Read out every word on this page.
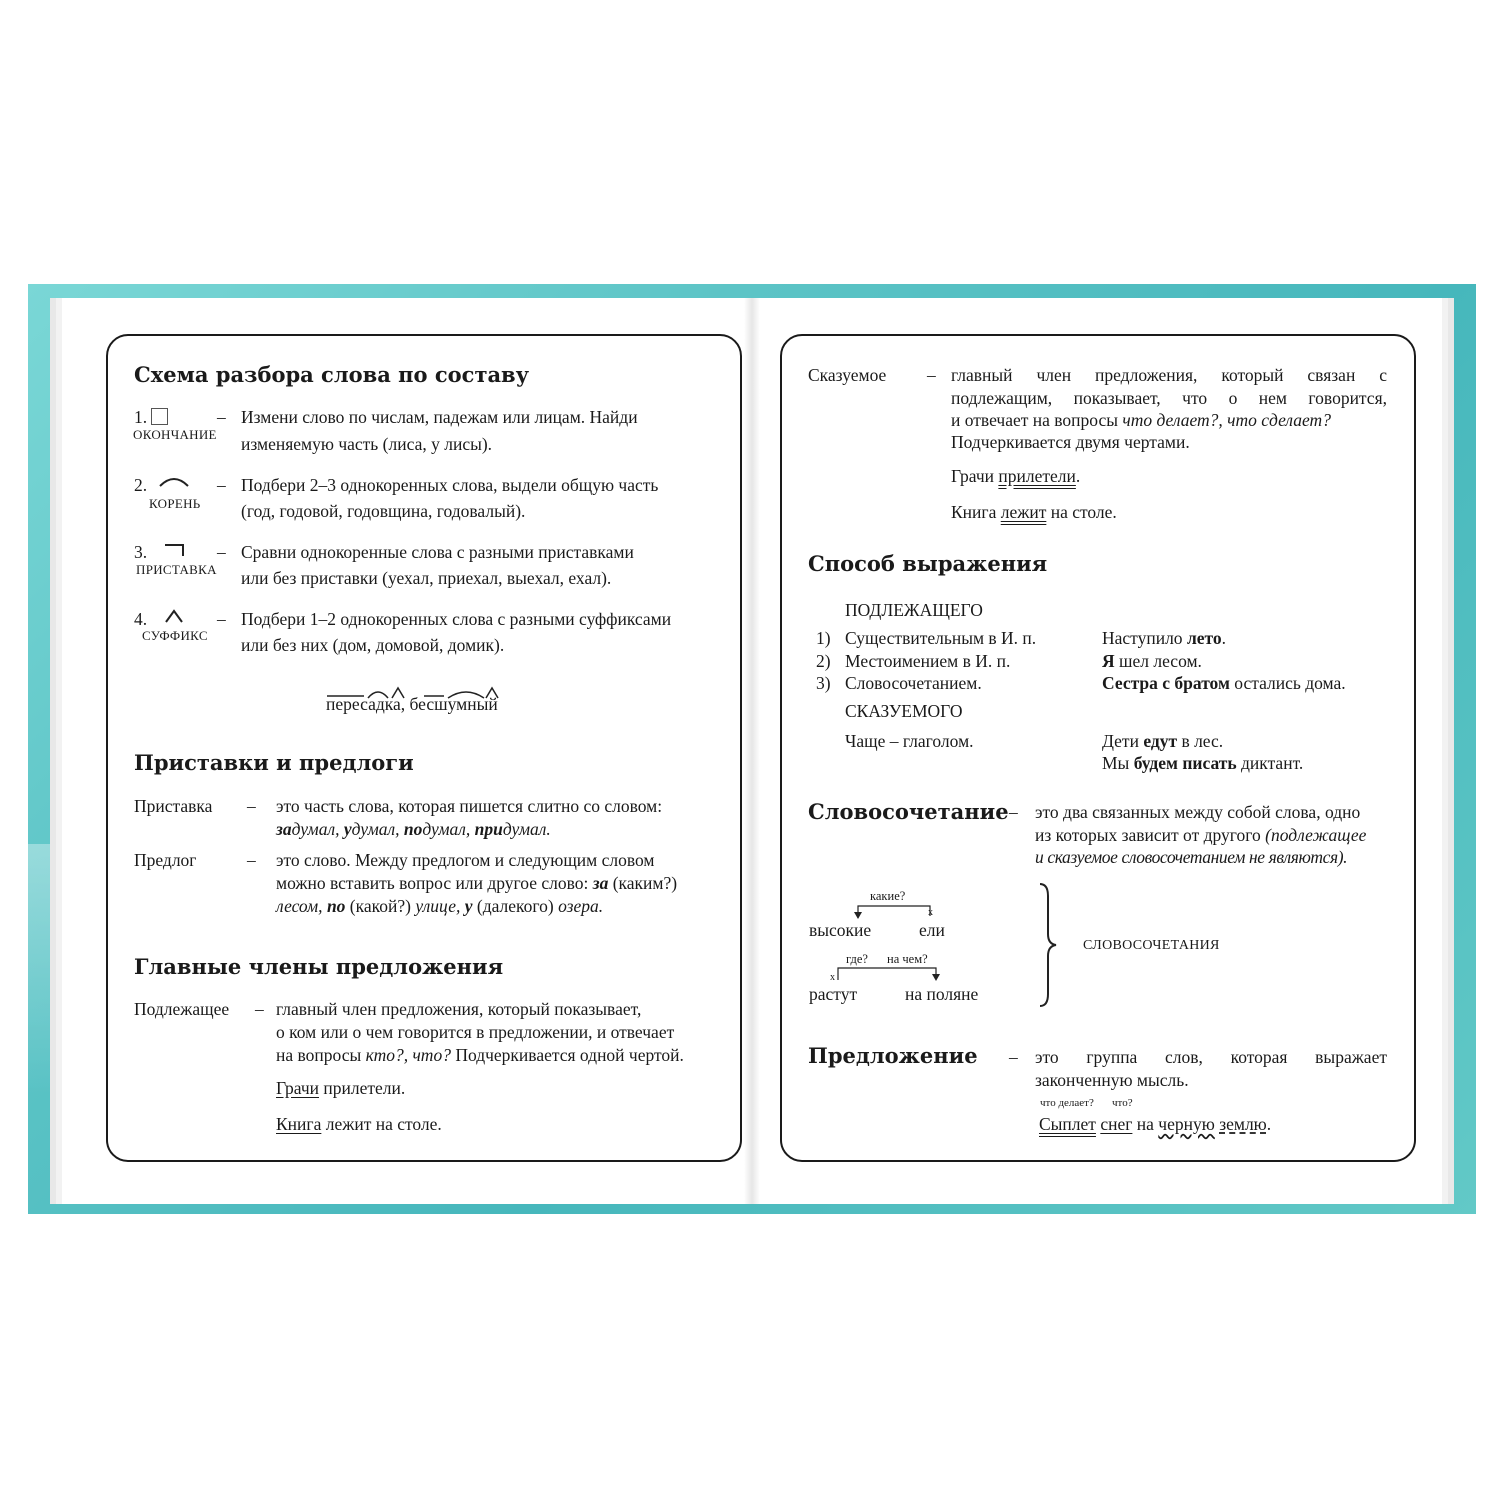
Схема разбора слова по составу
1.
ОКОНЧАНИЕ
– Измени слово по числам, падежам или лицам. Найди
изменяемую часть (лиса, у лисы).
2.
КОРЕНЬ
– Подбери 2–3 однокоренных слова, выдели общую часть
(год, годовой, годовщина, годовалый).
3.
ПРИСТАВКА
– Сравни однокоренные слова с разными приставками
или без приставки (уехал, приехал, выехал, ехал).
4.
СУФФИКС
– Подбери 1–2 однокоренных слова с разными суффиксами
или без них (дом, домовой, домик).
пересадка, бесшумный
Приставки и предлоги
Приставка – это часть слова, которая пишется слитно со словом:
задумал, удумал, подумал, придумал.
Предлог	– это слово. Между предлогом и следующим словом
можно вставить вопрос или другое слово: за (каким?)
лесом, по (какой?) улице, у (далекого) озера.
Главные члены предложения
Подлежащее – главный член предложения, который показывает,
о ком или о чем говорится в предложении, и отвечает
на вопросы кто?, что? Подчеркивается одной чертой.
Грачи прилетели.
Книга лежит на столе.
Сказуемое – главный член предложения, который связан с
подлежащим, показывает, что о нем говорится,
и отвечает на вопросы что делает?, что сделает?
Подчеркивается двумя чертами.
Грачи прилетели.
Книга лежит на столе.
Способ выражения
ПОДЛЕЖАЩЕГО
1) Существительным в И. п.	Наступило лето.
2) Местоимением в И. п.	Я шел лесом.
3) Словосочетанием.	Сестра с братом остались дома.
СКАЗУЕМОГО
Чаще – глаголом.	Дети едут в лес.
Мы будем писать диктант.
Словосочетание – это два связанных между собой слова, одно
из которых зависит от другого (подлежащее
и сказуемое словосочетанием не являются).
какие?
х
высокие	ели
где? на чем?
х
растут	на поляне
СЛОВОСОЧЕТАНИЯ
Предложение – это группа слов, которая выражает
законченную мысль.
что делает? что?
Сыплет снег на черную землю.
